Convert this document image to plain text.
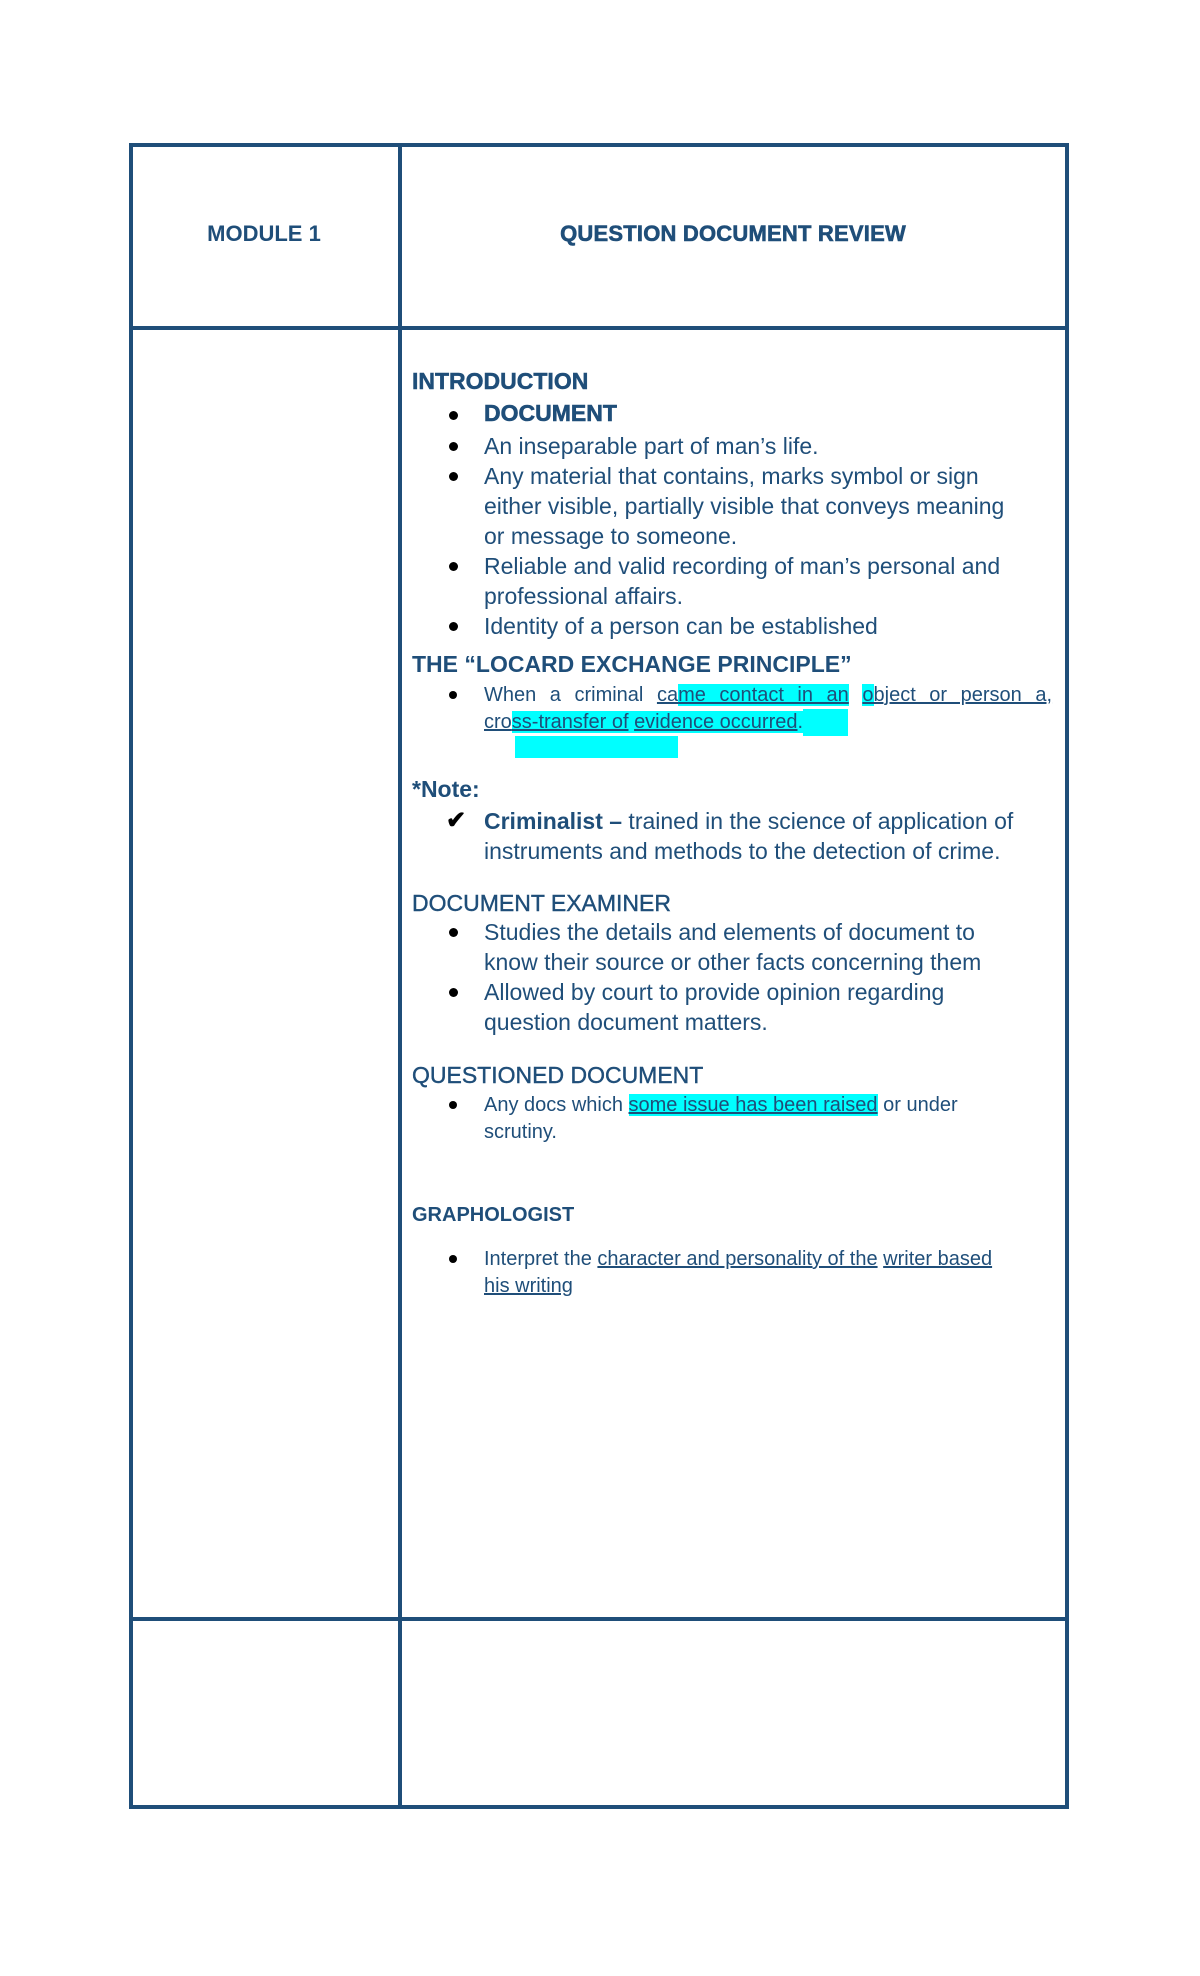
MODULE 1	QUESTION DOCUMENT REVIEW
INTRODUCTION
DOCUMENT
An inseparable part of man’s life.
Any material that contains, marks symbol or sign
either visible, partially visible that conveys meaning
or message to someone.
Reliable and valid recording of man’s personal and
professional affairs.
Identity of a person can be established
THE “LOCARD EXCHANGE PRINCIPLE”
When a criminal came contact in an object or person a,
cross-transfer of evidence occurred.
*Note:
✔ Criminalist – trained in the science of application of
instruments and methods to the detection of crime.
DOCUMENT EXAMINER
Studies the details and elements of document to
know their source or other facts concerning them
Allowed by court to provide opinion regarding
question document matters.
QUESTIONED DOCUMENT
Any docs which some issue has been raised or under
scrutiny.
GRAPHOLOGIST
Interpret the character and personality of the writer based
his writing
